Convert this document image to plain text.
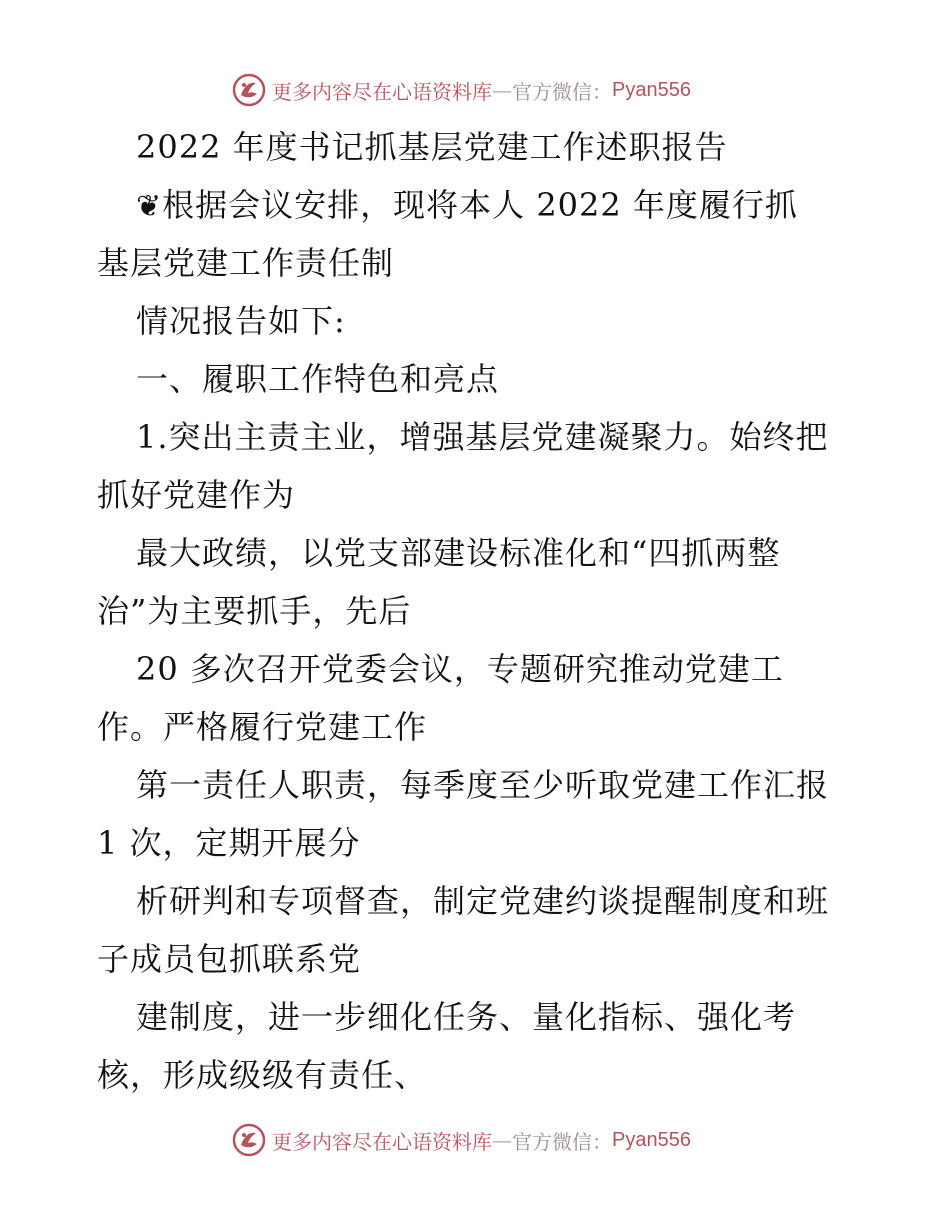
更多内容尽在心语资料库 — 官方微信： Pyan556
2022 年度书记抓基层党建工作述职报告
❦根据会议安排，现将本人 2022 年度履行抓
基层党建工作责任制
情况报告如下:
一、履职工作特色和亮点
1.突出主责主业，增强基层党建凝聚力。始终把
抓好党建作为
最大政绩，以党支部建设标准化和“四抓两整
治”为主要抓手，先后
20 多次召开党委会议，专题研究推动党建工
作。严格履行党建工作
第一责任人职责，每季度至少听取党建工作汇报
1 次，定期开展分
析研判和专项督查，制定党建约谈提醒制度和班
子成员包抓联系党
建制度，进一步细化任务、量化指标、强化考
核，形成级级有责任、
更多内容尽在心语资料库 — 官方微信： Pyan556
